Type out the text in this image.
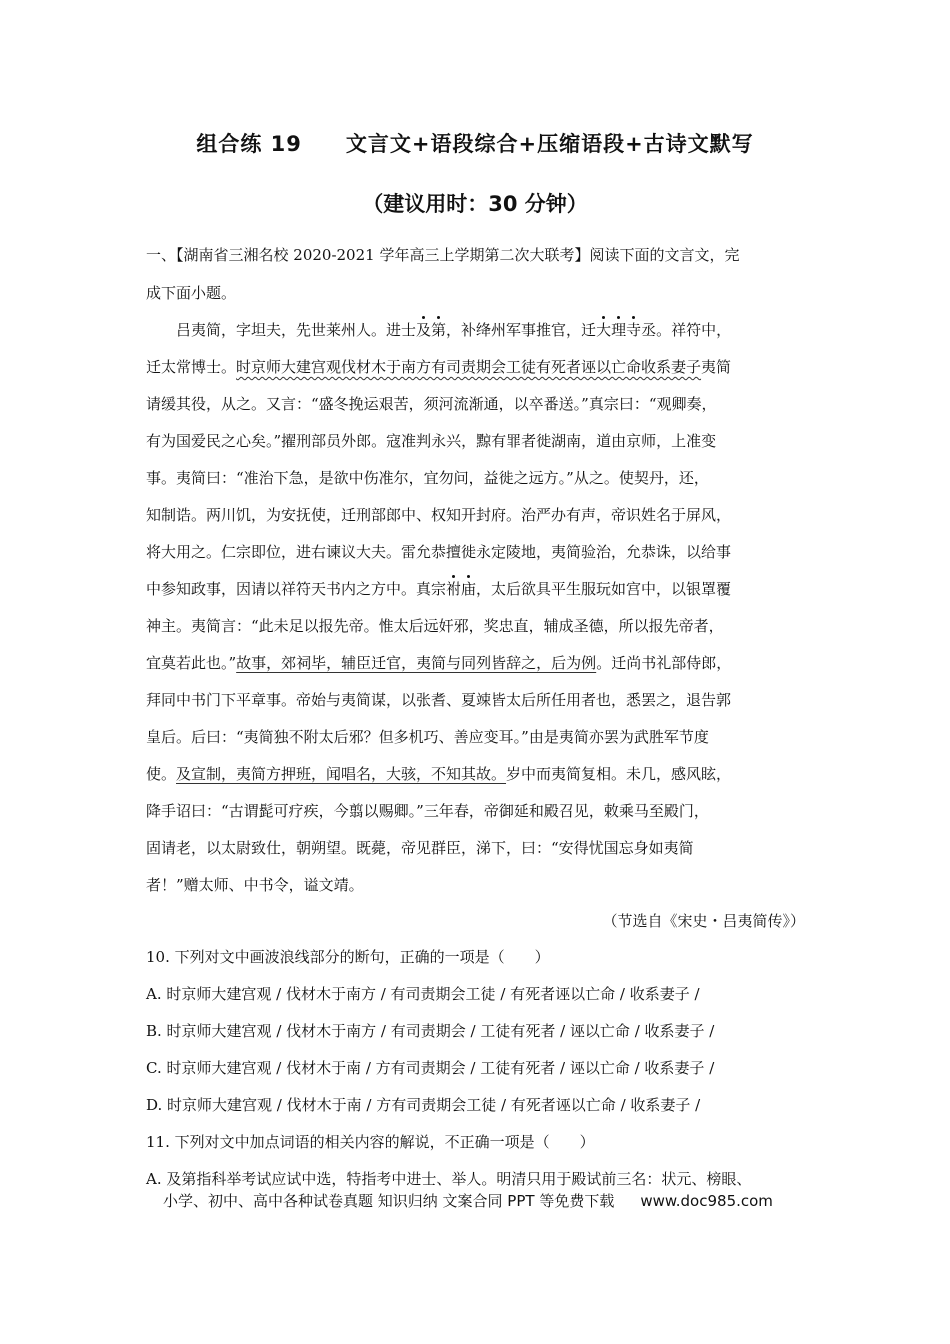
组合练 19 文言文+语段综合+压缩语段+古诗文默写
（建议用时：30 分钟）
一、【湖南省三湘名校 2020-2021 学年高三上学期第二次大联考】阅读下面的文言文，完
成下面小题。
吕夷简，字坦夫，先世莱州人。进士及第，补绛州军事推官，迁大理寺丞。祥符中，
迁太常博士。时京师大建宫观伐材木于南方有司责期会工徒有死者诬以亡命收系妻子夷简
请缓其役，从之。又言：“盛冬挽运艰苦，须河流渐通，以卒番送。”真宗曰：“观卿奏，
有为国爱民之心矣。”擢刑部员外郎。寇准判永兴，黥有罪者徙湖南，道由京师，上准变
事。夷简曰：“准治下急，是欲中伤准尔，宜勿问，益徙之远方。”从之。使契丹，还，
知制诰。两川饥，为安抚使，迁刑部郎中、权知开封府。治严办有声，帝识姓名于屏风，
将大用之。仁宗即位，进右谏议大夫。雷允恭擅徙永定陵地，夷简验治，允恭诛，以给事
中参知政事，因请以祥符天书内之方中。真宗祔庙，太后欲具平生服玩如宫中，以银罩覆
神主。夷简言：“此未足以报先帝。惟太后远奸邪，奖忠直，辅成圣德，所以报先帝者，
宜莫若此也。”故事，郊祠毕，辅臣迁官，夷简与同列皆辞之，后为例。迁尚书礼部侍郎，
拜同中书门下平章事。帝始与夷简谋，以张耆、夏竦皆太后所任用者也，悉罢之，退告郭
皇后。后曰：“夷简独不附太后邪？但多机巧、善应变耳。”由是夷简亦罢为武胜军节度
使。及宣制，夷简方押班，闻唱名，大骇，不知其故。岁中而夷简复相。未几，感风眩，
降手诏曰：“古谓髭可疗疾，今翦以赐卿。”三年春，帝御延和殿召见，敕乘马至殿门，
固请老，以太尉致仕，朝朔望。既薨，帝见群臣，涕下，曰：“安得忧国忘身如夷简
者！”赠太师、中书令，谥文靖。
（节选自《宋史・吕夷简传》）
10. 下列对文中画波浪线部分的断句，正确的一项是（　　）
A. 时京师大建宫观 / 伐材木于南方 / 有司责期会工徒 / 有死者诬以亡命 / 收系妻子 /
B. 时京师大建宫观 / 伐材木于南方 / 有司责期会 / 工徒有死者 / 诬以亡命 / 收系妻子 /
C. 时京师大建宫观 / 伐材木于南 / 方有司责期会 / 工徒有死者 / 诬以亡命 / 收系妻子 /
D. 时京师大建宫观 / 伐材木于南 / 方有司责期会工徒 / 有死者诬以亡命 / 收系妻子 /
11. 下列对文中加点词语的相关内容的解说，不正确一项是（　　）
A. 及第指科举考试应试中选，特指考中进士、举人。明清只用于殿试前三名：状元、榜眼、
小学、初中、高中各种试卷真题 知识归纳 文案合同 PPT 等免费下载 www.doc985.com
